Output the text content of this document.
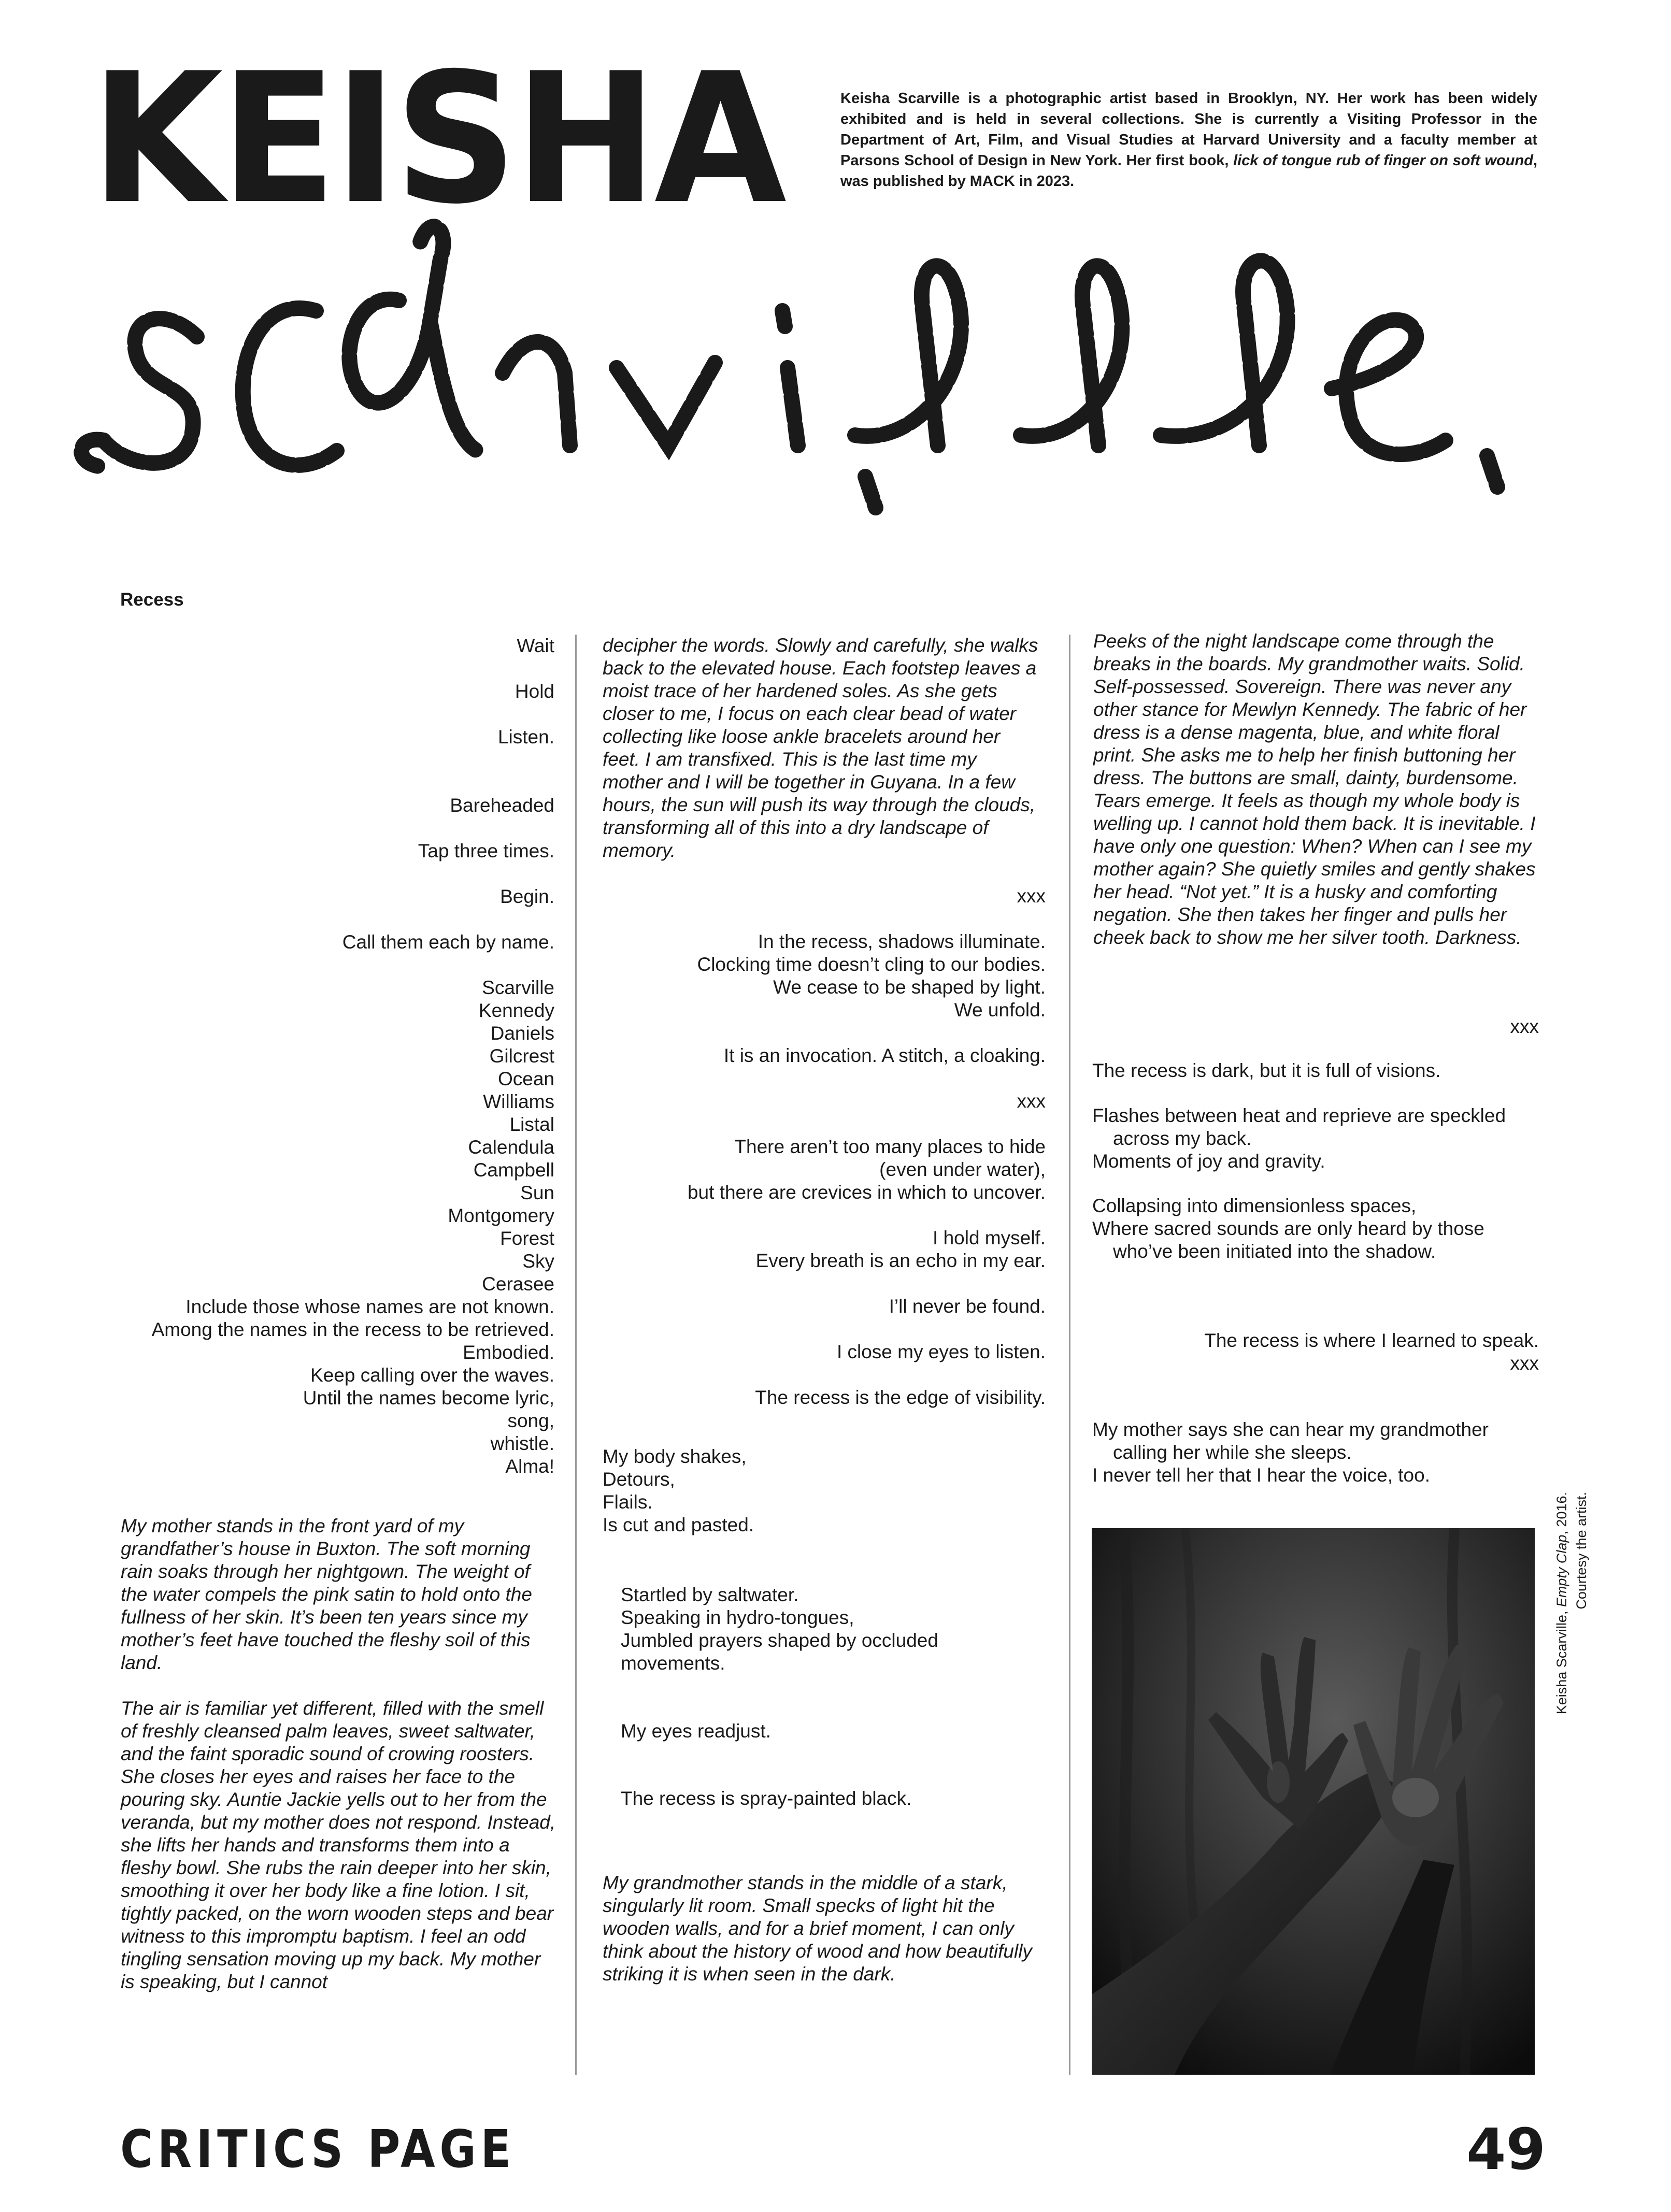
KEISHA	Keisha Scarville is a photographic artist based in Brooklyn, NY. Her work has been widely exhibited and is held in several collections. She is currently a Visiting Professor in the Department of Art, Film, and Visual Studies at Harvard University and a faculty member at Parsons School of Design in New York. Her first book, lick of tongue rub of finger on soft wound, was published by MACK in 2023.
Recess
Wait

Hold

Listen.

Bareheaded

Tap three times.

Begin.

Call them each by name.

Scarville
Kennedy
Daniels
Gilcrest
Ocean
Williams
Listal
Calendula
Campbell
Sun
Montgomery
Forest
Sky
Cerasee
Include those whose names are not known.
Among the names in the recess to be retrieved.
Embodied.
Keep calling over the waves.
Until the names become lyric,
song,
whistle.
Alma!

My mother stands in the front yard of my grandfather’s house in Buxton. The soft morning rain soaks through her nightgown. The weight of the water compels the pink satin to hold onto the fullness of her skin. It’s been ten years since my mother’s feet have touched the fleshy soil of this land.

The air is familiar yet different, filled with the smell of freshly cleansed palm leaves, sweet saltwater, and the faint sporadic sound of crowing roosters. She closes her eyes and raises her face to the pouring sky. Auntie Jackie yells out to her from the veranda, but my mother does not respond. Instead, she lifts her hands and transforms them into a fleshy bowl. She rubs the rain deeper into her skin, smoothing it over her body like a fine lotion. I sit, tightly packed, on the worn wooden steps and bear witness to this impromptu baptism. I feel an odd tingling sensation moving up my back. My mother is speaking, but I cannot

decipher the words. Slowly and carefully, she walks back to the elevated house. Each footstep leaves a moist trace of her hardened soles. As she gets closer to me, I focus on each clear bead of water collecting like loose ankle bracelets around her feet. I am transfixed. This is the last time my mother and I will be together in Guyana. In a few hours, the sun will push its way through the clouds, transforming all of this into a dry landscape of memory.
xxx

In the recess, shadows illuminate.
Clocking time doesn’t cling to our bodies.
We cease to be shaped by light.
We unfold.

It is an invocation. A stitch, a cloaking.

xxx

There aren’t too many places to hide
(even under water),
but there are crevices in which to uncover.

I hold myself.
Every breath is an echo in my ear.

I’ll never be found.

I close my eyes to listen.

The recess is the edge of visibility.
My body shakes,
Detours,
Flails.
Is cut and pasted.
Startled by saltwater.
Speaking in hydro-tongues,
Jumbled prayers shaped by occluded
movements.
My eyes readjust.
The recess is spray-painted black.
My grandmother stands in the middle of a stark, singularly lit room. Small specks of light hit the wooden walls, and for a brief moment, I can only think about the history of wood and how beautifully striking it is when seen in the dark.
Peeks of the night landscape come through the breaks in the boards. My grandmother waits. Solid. Self-possessed. Sovereign. There was never any other stance for Mewlyn Kennedy. The fabric of her dress is a dense magenta, blue, and white floral print. She asks me to help her finish buttoning her dress. The buttons are small, dainty, burdensome. Tears emerge. It feels as though my whole body is welling up. I cannot hold them back. It is inevitable. I have only one question: When? When can I see my mother again? She quietly smiles and gently shakes her head. “Not yet.” It is a husky and comforting negation. She then takes her finger and pulls her cheek back to show me her silver tooth. Darkness.
xxx
The recess is dark, but it is full of visions.
Flashes between heat and reprieve are speckled
across my back.
Moments of joy and gravity.
Collapsing into dimensionless spaces,
Where sacred sounds are only heard by those
who’ve been initiated into the shadow.
The recess is where I learned to speak.
xxx
My mother says she can hear my grandmother
calling her while she sleeps.
I never tell her that I hear the voice, too.
Keisha Scarville, Empty Clap, 2016. Courtesy the artist.
CRITICS PAGE	49
